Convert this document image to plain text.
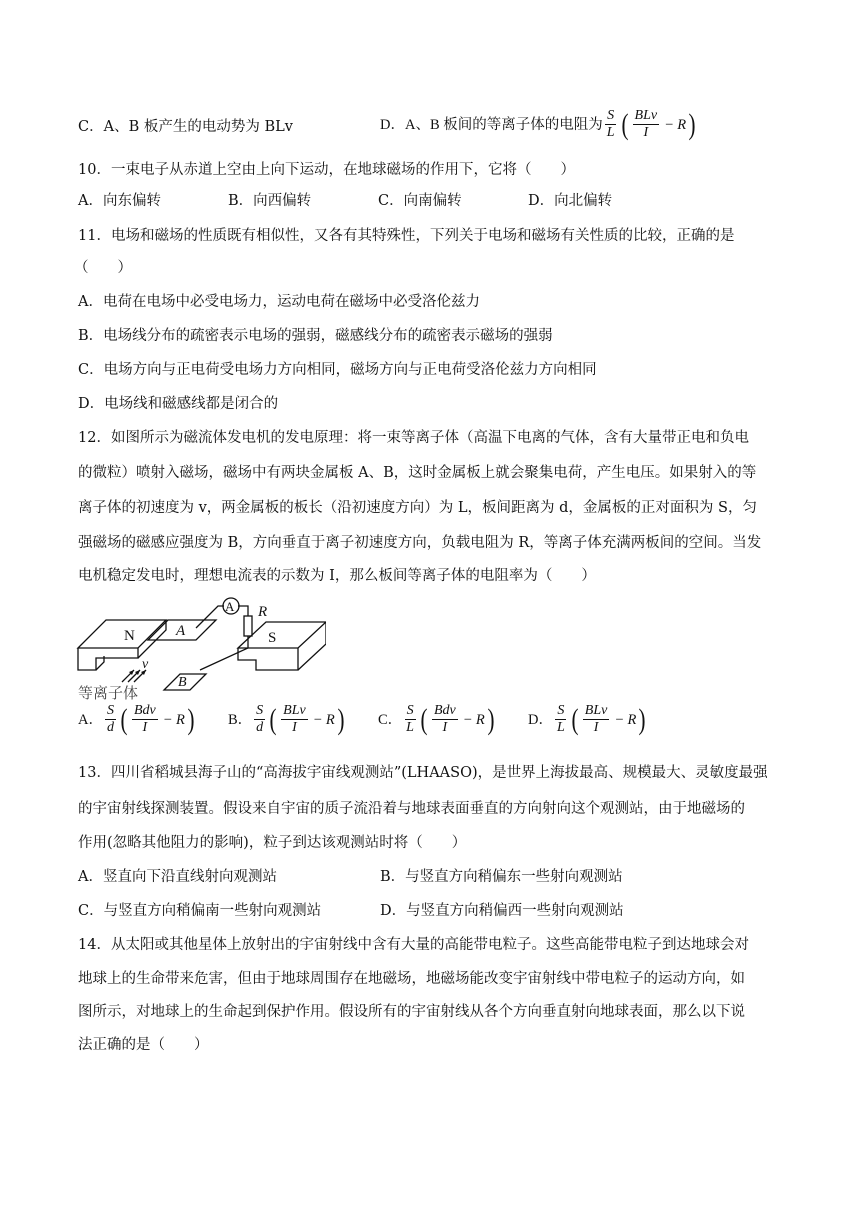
C．A、B 板产生的电动势为 BLv	D．A、B 板间的等离子体的电阻为 $\frac{S}{L}$ ( $\frac{\text{BLv}}{I} - R$ )
10．一束电子从赤道上空由上向下运动，在地球磁场的作用下，它将（　　）
A．向东偏转	B．向西偏转	C．向南偏转	D．向北偏转
11．电场和磁场的性质既有相似性，又各有其特殊性，下列关于电场和磁场有关性质的比较，正确的是
（　　）
A．电荷在电场中必受电场力，运动电荷在磁场中必受洛伦兹力
B．电场线分布的疏密表示电场的强弱，磁感线分布的疏密表示磁场的强弱
C．电场方向与正电荷受电场力方向相同，磁场方向与正电荷受洛伦兹力方向相同
D．电场线和磁感线都是闭合的
12．如图所示为磁流体发电机的发电原理：将一束等离子体（高温下电离的气体，含有大量带正电和负电
的微粒）喷射入磁场，磁场中有两块金属板 A、B，这时金属板上就会聚集电荷，产生电压。如果射入的等
离子体的初速度为 v，两金属板的板长（沿初速度方向）为 L，板间距离为 d，金属板的正对面积为 S，匀
强磁场的磁感应强度为 B，方向垂直于离子初速度方向，负载电阻为 R，等离子体充满两板间的空间。当发
电机稳定发电时，理想电流表的示数为 I，那么板间等离子体的电阻率为（　　）
A R
N	A	S
B
v
等离子体
A． $\frac{S}{d}$ ( $\frac{\text{Bdv}}{I} - R$ ) B． $\frac{S}{d}$ ( $\frac{\text{BLv}}{I} - R$ ) C． $\frac{S}{L}$ ( $\frac{\text{Bdv}}{I} - R$ ) D． $\frac{S}{L}$ ( $\frac{\text{BLv}}{I} - R$ )
13．四川省稻城县海子山的“高海拔宇宙线观测站”(LHAASO)，是世界上海拔最高、规模最大、灵敏度最强
的宇宙射线探测装置。假设来自宇宙的质子流沿着与地球表面垂直的方向射向这个观测站，由于地磁场的
作用(忽略其他阻力的影响)，粒子到达该观测站时将（　　）
A．竖直向下沿直线射向观测站	B．与竖直方向稍偏东一些射向观测站
C．与竖直方向稍偏南一些射向观测站	D．与竖直方向稍偏西一些射向观测站
14．从太阳或其他星体上放射出的宇宙射线中含有大量的高能带电粒子。这些高能带电粒子到达地球会对
地球上的生命带来危害，但由于地球周围存在地磁场，地磁场能改变宇宙射线中带电粒子的运动方向，如
图所示，对地球上的生命起到保护作用。假设所有的宇宙射线从各个方向垂直射向地球表面，那么以下说
法正确的是（　　）
